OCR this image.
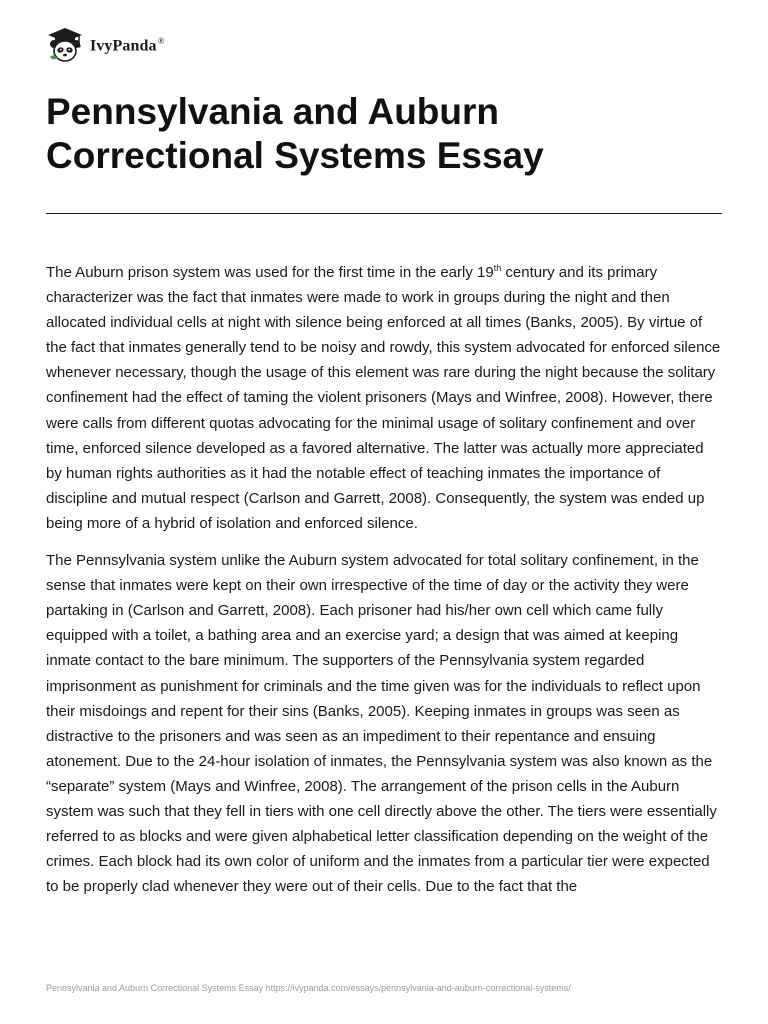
IvyPanda®
Pennsylvania and Auburn
Correctional Systems Essay

The Auburn prison system was used for the first time in the early 19th century and its primary characterizer was the fact that inmates were made to work in groups during the night and then allocated individual cells at night with silence being enforced at all times (Banks, 2005). By virtue of the fact that inmates generally tend to be noisy and rowdy, this system advocated for enforced silence whenever necessary, though the usage of this element was rare during the night because the solitary confinement had the effect of taming the violent prisoners (Mays and Winfree, 2008). However, there were calls from different quotas advocating for the minimal usage of solitary confinement and over time, enforced silence developed as a favored alternative. The latter was actually more appreciated by human rights authorities as it had the notable effect of teaching inmates the importance of discipline and mutual respect (Carlson and Garrett, 2008). Consequently, the system was ended up being more of a hybrid of isolation and enforced silence.

The Pennsylvania system unlike the Auburn system advocated for total solitary confinement, in the sense that inmates were kept on their own irrespective of the time of day or the activity they were partaking in (Carlson and Garrett, 2008). Each prisoner had his/her own cell which came fully equipped with a toilet, a bathing area and an exercise yard; a design that was aimed at keeping inmate contact to the bare minimum. The supporters of the Pennsylvania system regarded imprisonment as punishment for criminals and the time given was for the individuals to reflect upon their misdoings and repent for their sins (Banks, 2005). Keeping inmates in groups was seen as distractive to the prisoners and was seen as an impediment to their repentance and ensuing atonement. Due to the 24-hour isolation of inmates, the Pennsylvania system was also known as the “separate” system (Mays and Winfree, 2008). The arrangement of the prison cells in the Auburn system was such that they fell in tiers with one cell directly above the other. The tiers were essentially referred to as blocks and were given alphabetical letter classification depending on the weight of the crimes. Each block had its own color of uniform and the inmates from a particular tier were expected to be properly clad whenever they were out of their cells. Due to the fact that the

Pennsylvania and Auburn Correctional Systems Essay https://ivypanda.com/essays/pennsylvania-and-auburn-correctional-systems/
